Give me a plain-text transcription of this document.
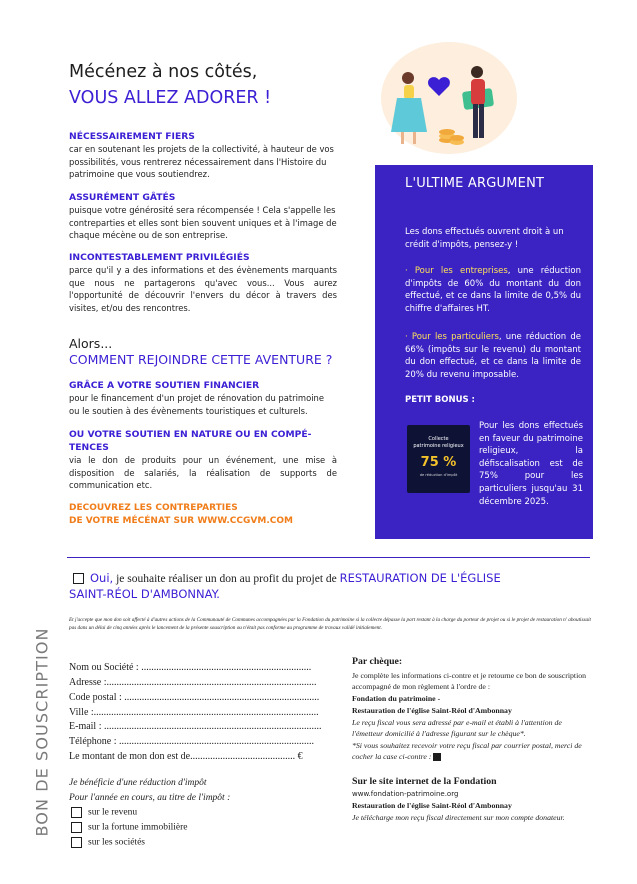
Mécénez à nos côtés,
VOUS ALLEZ ADORER !
NÉCESSAIREMENT FIERS
car en soutenant les projets de la collectivité, à hauteur de vos possibilités, vous rentrerez nécessairement dans l'Histoire du patrimoine que vous soutiendrez.
ASSURÉMENT GÂTÉS
puisque votre générosité sera récompensée ! Cela s'appelle les contreparties et elles sont bien souvent uniques et à l'image de chaque mécène ou de son entreprise.
INCONTESTABLEMENT PRIVILÉGIÉS
parce qu'il y a des informations et des évènements marquants que nous ne partagerons qu'avec vous... Vous aurez l'opportunité de découvrir l'envers du décor à travers des visites, et/ou des rencontres.
Alors...
COMMENT REJOINDRE CETTE AVENTURE ?
GRÂCE A VOTRE SOUTIEN FINANCIER
pour le financement d'un projet de rénovation du patrimoine ou le soutien à des évènements touristiques et culturels.
OU VOTRE SOUTIEN EN NATURE OU EN COMPÉ-
TENCES
via le don de produits pour un événement, une mise à disposition de salariés, la réalisation de supports de communication etc.
DECOUVREZ LES CONTREPARTIES
DE VOTRE MÉCÉNAT SUR WWW.CCGVM.COM
L'ULTIME ARGUMENT
Les dons effectués ouvrent droit à un crédit d'impôts, pensez-y !
· Pour les entreprises, une réduction d'impôts de 60% du montant du don effectué, et ce dans la limite de 0,5% du chiffre d'affaires HT.
· Pour les particuliers, une réduction de 66% (impôts sur le revenu) du montant du don effectué, et ce dans la limite de 20% du revenu imposable.
PETIT BONUS :
Collecte
patrimoine religieux
75 %
de réduction d'impôt
Pour les dons effectués en faveur du patrimoine religieux, la défiscalisation est de 75% pour les particuliers jusqu'au 31 décembre 2025.
BON DE SOUSCRIPTION
Oui, je souhaite réaliser un don au profit du projet de RESTAURATION DE L'ÉGLISE
SAINT-RÉOL D'AMBONNAY.
Et j'accepte que mon don soit affecté à d'autres actions de la Communauté de Communes accompagnées par la Fondation du patrimoine si la collecte dépasse la part restant à la charge du porteur de projet ou si le projet de restauration n' aboutissait pas dans un délai de cinq années après le lancement de la présente souscription ou n'était pas conforme au programme de travaux validé initialement.
Nom ou Société : ....................................................................
Adresse :....................................................................................
Code postal : ..............................................................................
Ville :..........................................................................................
E-mail : .......................................................................................
Téléphone : ..............................................................................
Le montant de mon don est de.......................................... €
Je bénéficie d'une réduction d'impôt
Pour l'année en cours, au titre de l'impôt :
sur le revenu
sur la fortune immobilière
sur les sociétés
Par chèque:
Je complète les informations ci-contre et je retourne ce bon de souscription accompagné de mon règlement à l'ordre de :
Fondation du patrimoine -
Restauration de l'église Saint-Réol d'Ambonnay
Le reçu fiscal vous sera adressé par e-mail et établi à l'attention de l'émetteur domicilié à l'adresse figurant sur le chèque*.
*Si vous souhaitez recevoir votre reçu fiscal par courrier postal, merci de cocher la case ci-contre :
Sur le site internet de la Fondation
www.fondation-patrimoine.org
Restauration de l'église Saint-Réol d'Ambonnay
Je télécharge mon reçu fiscal directement sur mon compte donateur.
